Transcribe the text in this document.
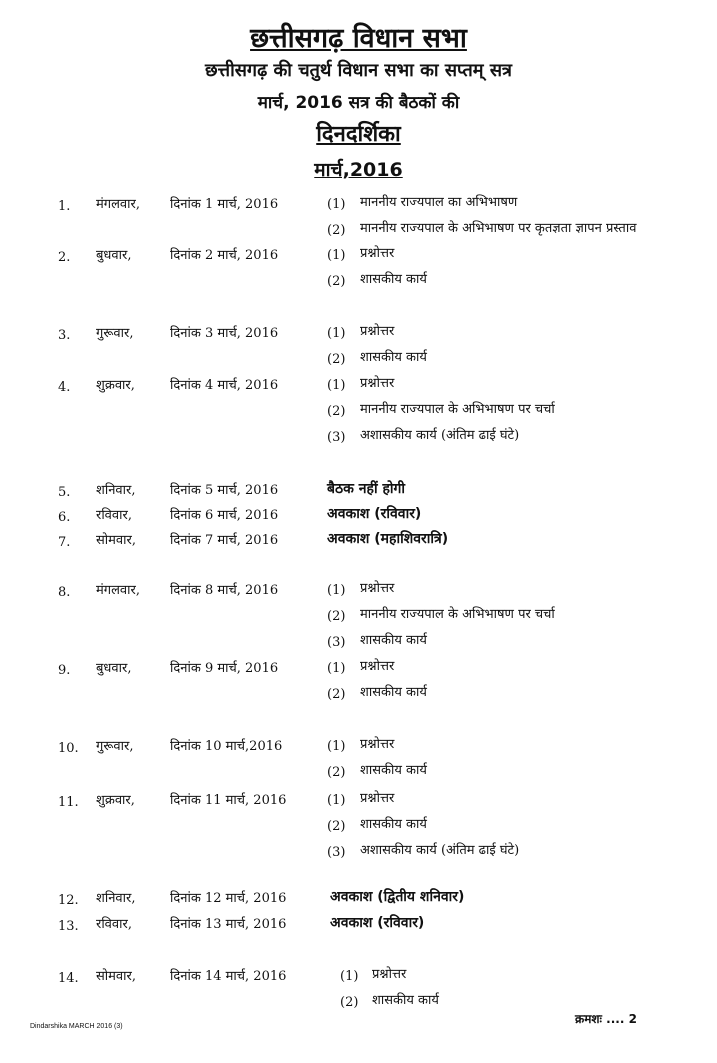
छत्तीसगढ़ विधान सभा
छत्तीसगढ़ की चतुर्थ विधान सभा का सप्तम् सत्र
मार्च, 2016 सत्र की बैठकों की
दिनदर्शिका
मार्च,2016
1. मंगलवार, दिनांक 1 मार्च, 2016	(1) माननीय राज्यपाल का अभिभाषण
(2) माननीय राज्यपाल के अभिभाषण पर कृतज्ञता ज्ञापन प्रस्ताव
2. बुधवार,	दिनांक 2 मार्च, 2016	(1) प्रश्नोत्तर
(2) शासकीय कार्य
3. गुरूवार,	दिनांक 3 मार्च, 2016	(1) प्रश्नोत्तर
(2) शासकीय कार्य
4. शुक्रवार,	दिनांक 4 मार्च, 2016	(1) प्रश्नोत्तर
(2) माननीय राज्यपाल के अभिभाषण पर चर्चा
(3) अशासकीय कार्य (अंतिम ढाई घंटे)
5. शनिवार,	दिनांक 5 मार्च, 2016	बैठक नहीं होगी
6. रविवार,	दिनांक 6 मार्च, 2016	अवकाश (रविवार)
7. सोमवार,	दिनांक 7 मार्च, 2016	अवकाश (महाशिवरात्रि)
8. मंगलवार, दिनांक 8 मार्च, 2016	(1) प्रश्नोत्तर
(2) माननीय राज्यपाल के अभिभाषण पर चर्चा
(3) शासकीय कार्य
9. बुधवार,	दिनांक 9 मार्च, 2016	(1) प्रश्नोत्तर
(2) शासकीय कार्य
10. गुरूवार,	दिनांक 10 मार्च,2016	(1) प्रश्नोत्तर
(2) शासकीय कार्य
11. शुक्रवार,	दिनांक 11 मार्च, 2016	(1) प्रश्नोत्तर
(2) शासकीय कार्य
(3) अशासकीय कार्य (अंतिम ढाई घंटे)
12. शनिवार,	दिनांक 12 मार्च, 2016	अवकाश (द्वितीय शनिवार)
13. रविवार,	दिनांक 13 मार्च, 2016	अवकाश (रविवार)
14. सोमवार,	दिनांक 14 मार्च, 2016	(1) प्रश्नोत्तर
(2) शासकीय कार्य
Dindarshika MARCH 2016 (3)
क्रमशः .... 2
